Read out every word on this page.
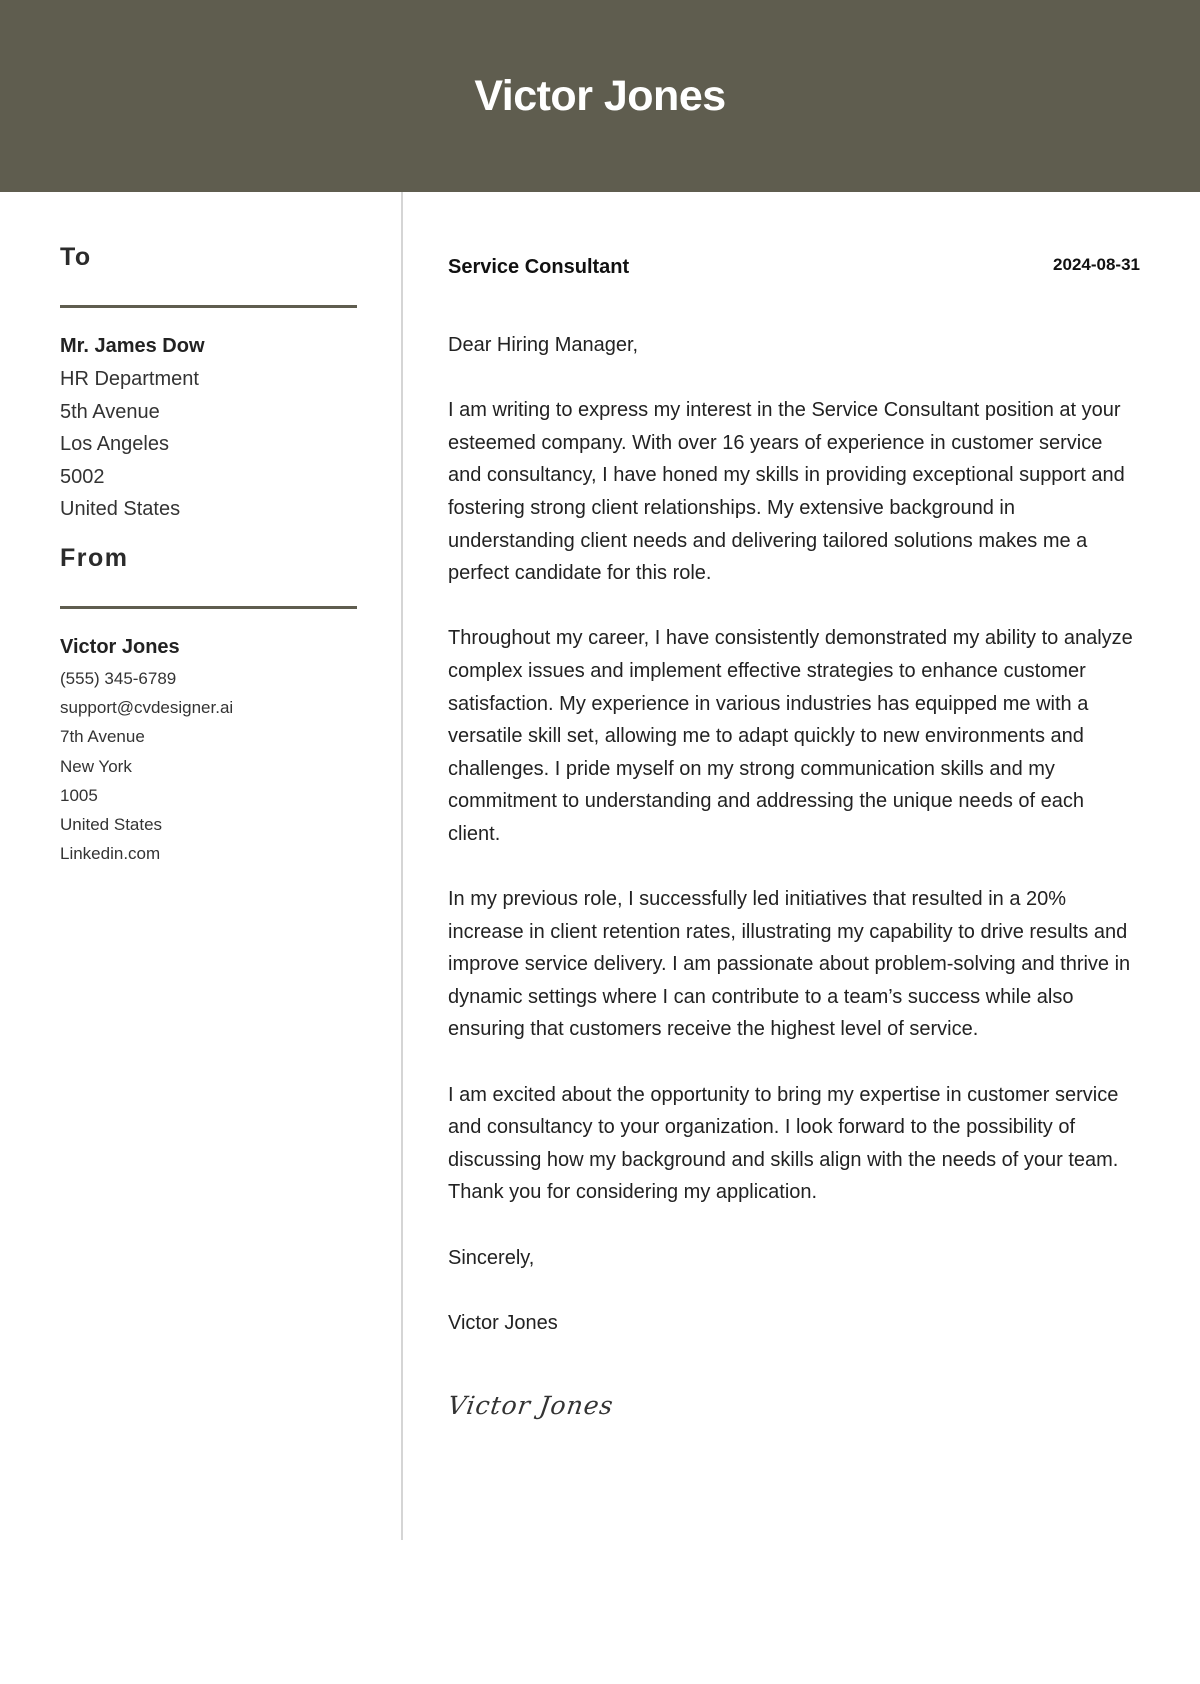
Victor Jones
To

Mr. James Dow

HR Department

5th Avenue

Los Angeles

5002

United States

From

Victor Jones

(555) 345-6789

support@cvdesigner.ai

7th Avenue

New York

1005

United States

Linkedin.com

Service Consultant	2024-08-31

Dear Hiring Manager,

I am writing to express my interest in the Service Consultant position at your esteemed company. With over 16 years of experience in customer service and consultancy, I have honed my skills in providing exceptional support and fostering strong client relationships. My extensive background in understanding client needs and delivering tailored solutions makes me a perfect candidate for this role.

Throughout my career, I have consistently demonstrated my ability to analyze complex issues and implement effective strategies to enhance customer satisfaction. My experience in various industries has equipped me with a versatile skill set, allowing me to adapt quickly to new environments and challenges. I pride myself on my strong communication skills and my commitment to understanding and addressing the unique needs of each client.

In my previous role, I successfully led initiatives that resulted in a 20% increase in client retention rates, illustrating my capability to drive results and improve service delivery. I am passionate about problem-solving and thrive in dynamic settings where I can contribute to a team’s success while also ensuring that customers receive the highest level of service.

I am excited about the opportunity to bring my expertise in customer service and consultancy to your organization. I look forward to the possibility of discussing how my background and skills align with the needs of your team. Thank you for considering my application.

Sincerely,

Victor Jones

Victor Jones
